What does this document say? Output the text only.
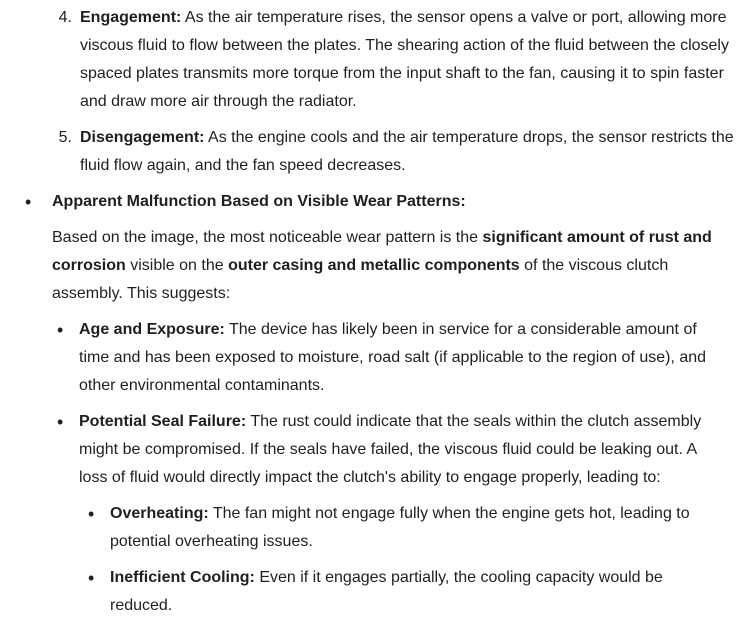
4. Engagement: As the air temperature rises, the sensor opens a valve or port, allowing more viscous fluid to flow between the plates. The shearing action of the fluid between the closely spaced plates transmits more torque from the input shaft to the fan, causing it to spin faster and draw more air through the radiator.
5. Disengagement: As the engine cools and the air temperature drops, the sensor restricts the fluid flow again, and the fan speed decreases.
• Apparent Malfunction Based on Visible Wear Patterns:
Based on the image, the most noticeable wear pattern is the significant amount of rust and corrosion visible on the outer casing and metallic components of the viscous clutch assembly. This suggests:
• Age and Exposure: The device has likely been in service for a considerable amount of time and has been exposed to moisture, road salt (if applicable to the region of use), and other environmental contaminants.
• Potential Seal Failure: The rust could indicate that the seals within the clutch assembly might be compromised. If the seals have failed, the viscous fluid could be leaking out. A loss of fluid would directly impact the clutch's ability to engage properly, leading to:
• Overheating: The fan might not engage fully when the engine gets hot, leading to potential overheating issues.
• Inefficient Cooling: Even if it engages partially, the cooling capacity would be reduced.
